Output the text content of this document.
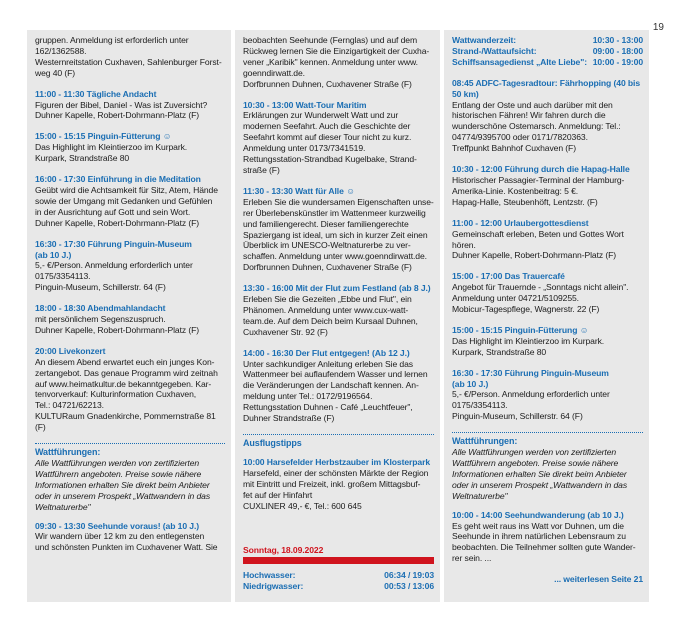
19

gruppen. Anmeldung ist erforderlich unter

162/1362588.

Westernreitstation Cuxhaven, Sahlenburger Forst-

weg 40 (F)

11:00 - 11:30 Tägliche Andacht

Figuren der Bibel, Daniel - Was ist Zuversicht?

Duhner Kapelle, Robert-Dohrmann-Platz (F)

15:00 - 15:15 Pinguin-Fütterung ☺

Das Highlight im Kleintierzoo im Kurpark.

Kurpark, Strandstraße 80

16:00 - 17:30 Einführung in die Meditation

Geübt wird die Achtsamkeit für Sitz, Atem, Hände

sowie der Umgang mit Gedanken und Gefühlen

in der Ausrichtung auf Gott und sein Wort.

Duhner Kapelle, Robert-Dohrmann-Platz (F)

16:30 - 17:30 Führung Pinguin-Museum

(ab 10 J.)

5,- €/Person. Anmeldung erforderlich unter

0175/3354113.

Pinguin-Museum, Schillerstr. 64 (F)

18:00 - 18:30 Abendmahlandacht

mit persönlichem Segenszuspruch.

Duhner Kapelle, Robert-Dohrmann-Platz (F)

20:00 Livekonzert

An diesem Abend erwartet euch ein junges Kon-

zertangebot. Das genaue Programm wird zeitnah

auf www.heimatkultur.de bekanntgegeben. Kar-

tenvorverkauf: Kulturinformation Cuxhaven,

Tel.: 04721/62213.

KULTURaum Gnadenkirche, Pommernstraße 81 (F)

Wattführungen:

Alle Wattführungen werden von zertifizierten

Wattführern angeboten. Preise sowie nähere

Informationen erhalten Sie direkt beim Anbieter

oder in unserem Prospekt „Wattwandern in das

Weltnaturerbe"

09:30 - 13:30 Seehunde voraus! (ab 10 J.)

Wir wandern über 12 km zu den entlegensten

und schönsten Punkten im Cuxhavener Watt. Sie

beobachten Seehunde (Fernglas) und auf dem

Rückweg lernen Sie die Einzigartigkeit der Cuxha-

vener „Karibik" kennen. Anmeldung unter www.

goenndirwatt.de.

Dorfbrunnen Duhnen, Cuxhavener Straße (F)

10:30 - 13:00 Watt-Tour Maritim

Erklärungen zur Wunderwelt Watt und zur

modernen Seefahrt. Auch die Geschichte der

Seefahrt kommt auf dieser Tour nicht zu kurz.

Anmeldung unter 0173/7341519.

Rettungsstation-Strandbad Kugelbake, Strand-

straße (F)

11:30 - 13:30 Watt für Alle ☺

Erleben Sie die wundersamen Eigenschaften unse-

rer Überlebenskünstler im Wattenmeer kurzweilig

und familiengerecht. Dieser familiengerechte

Spaziergang ist ideal, um sich in kurzer Zeit einen

Überblick im UNESCO-Weltnaturerbe zu ver-

schaffen. Anmeldung unter www.goenndirwatt.de.

Dorfbrunnen Duhnen, Cuxhavener Straße (F)

13:30 - 16:00 Mit der Flut zum Festland (ab 8 J.)

Erleben Sie die Gezeiten „Ebbe und Flut", ein

Phänomen. Anmeldung unter www.cux-watt-

team.de. Auf dem Deich beim Kursaal Duhnen,

Cuxhavener Str. 92 (F)

14:00 - 16:30 Der Flut entgegen! (Ab 12 J.)

Unter sachkundiger Anleitung erleben Sie das

Wattenmeer bei auflaufendem Wasser und lernen

die Veränderungen der Landschaft kennen. An-

meldung unter Tel.: 0172/9196564.

Rettungsstation Duhnen - Café „Leuchtfeuer",

Duhner Strandstraße (F)

Ausflugstipps

10:00 Harsefelder Herbstzauber im Klosterpark

Harsefeld, einer der schönsten Märkte der Region

mit Eintritt und Freizeit, inkl. großem Mittagsbuf-

fet auf der Hinfahrt

CUXLINER 49,- €, Tel.: 600 645

Sonntag, 18.09.2022
Hochwasser:	06:34 / 19:03
Niedrigwasser:	00:53 / 13:06
Wattwanderzeit:	10:30 - 13:00
Strand-/Wattaufsicht:	09:00 - 18:00
Schiffsansagedienst „Alte Liebe": 10:00 - 19:00

08:45 ADFC-Tagesradtour: Fährhopping (40 bis

50 km)

Entlang der Oste und auch darüber mit den

historischen Fähren! Wir fahren durch die

wunderschöne Ostemarsch. Anmeldung: Tel.:

04774/9395700 oder 0171/7820363.

Treffpunkt Bahnhof Cuxhaven (F)

10:30 - 12:00 Führung durch die Hapag-Halle

Historischer Passagier-Terminal der Hamburg-

Amerika-Linie. Kostenbeitrag: 5 €.

Hapag-Halle, Steubenhöft, Lentzstr. (F)

11:00 - 12:00 Urlaubergottesdienst

Gemeinschaft erleben, Beten und Gottes Wort

hören.

Duhner Kapelle, Robert-Dohrmann-Platz (F)

15:00 - 17:00 Das Trauercafé

Angebot für Trauernde - „Sonntags nicht allein".

Anmeldung unter 04721/5109255.

Mobicur-Tagespflege, Wagnerstr. 22 (F)

15:00 - 15:15 Pinguin-Fütterung ☺

Das Highlight im Kleintierzoo im Kurpark.

Kurpark, Strandstraße 80

16:30 - 17:30 Führung Pinguin-Museum

(ab 10 J.)

5,- €/Person. Anmeldung erforderlich unter

0175/3354113.

Pinguin-Museum, Schillerstr. 64 (F)

Wattführungen:

Alle Wattführungen werden von zertifizierten

Wattführern angeboten. Preise sowie nähere

Informationen erhalten Sie direkt beim Anbieter

oder in unserem Prospekt „Wattwandern in das

Weltnaturerbe"

10:00 - 14:00 Seehundwanderung (ab 10 J.)

Es geht weit raus ins Watt vor Duhnen, um die

Seehunde in ihrem natürlichen Lebensraum zu

beobachten. Die Teilnehmer sollten gute Wander-

rer sein. ...

... weiterlesen Seite 21
